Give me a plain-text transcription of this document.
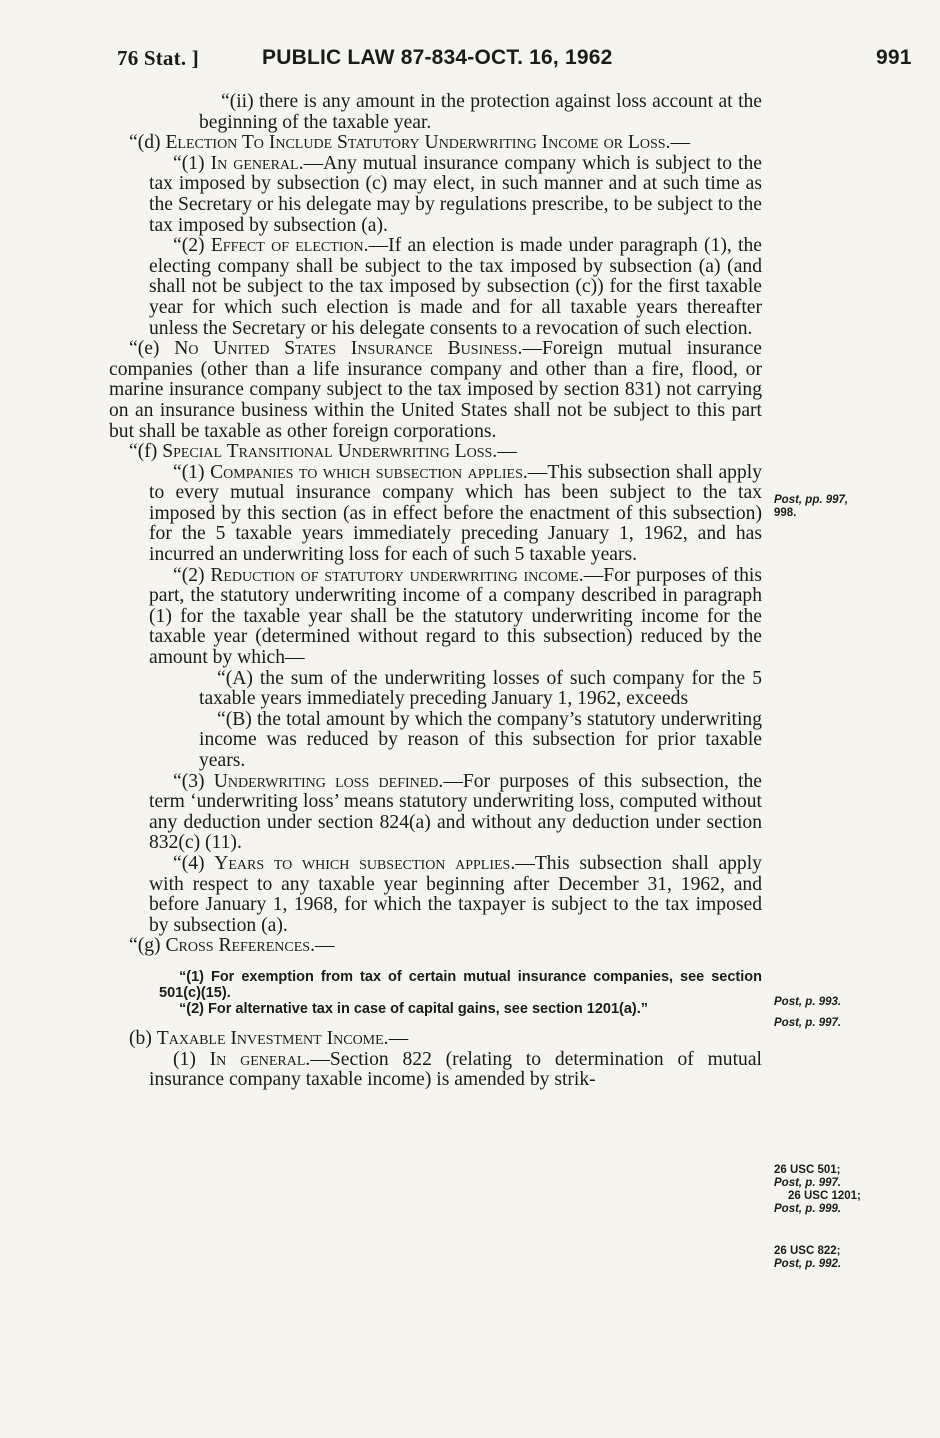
76 Stat. ]	PUBLIC LAW 87-834-OCT. 16, 1962	991

“(ii) there is any amount in the protection against loss account at the beginning of the taxable year.

“(d) Election To Include Statutory Underwriting Income or Loss.—

“(1) In general.—Any mutual insurance company which is subject to the tax imposed by subsection (c) may elect, in such manner and at such time as the Secretary or his delegate may by regulations prescribe, to be subject to the tax imposed by subsection (a).

“(2) Effect of election.—If an election is made under paragraph (1), the electing company shall be subject to the tax imposed by subsection (a) (and shall not be subject to the tax imposed by subsection (c)) for the first taxable year for which such election is made and for all taxable years thereafter unless the Secretary or his delegate consents to a revocation of such election.

“(e) No United States Insurance Business.—Foreign mutual insurance companies (other than a life insurance company and other than a fire, flood, or marine insurance company subject to the tax imposed by section 831) not carrying on an insurance business within the United States shall not be subject to this part but shall be taxable as other foreign corporations.

“(f) Special Transitional Underwriting Loss.—

“(1) Companies to which subsection applies.—This subsection shall apply to every mutual insurance company which has been subject to the tax imposed by this section (as in effect before the enactment of this subsection) for the 5 taxable years immediately preceding January 1, 1962, and has incurred an underwriting loss for each of such 5 taxable years.

“(2) Reduction of statutory underwriting income.—For purposes of this part, the statutory underwriting income of a company described in paragraph (1) for the taxable year shall be the statutory underwriting income for the taxable year (determined without regard to this subsection) reduced by the amount by which—

“(A) the sum of the underwriting losses of such company for the 5 taxable years immediately preceding January 1, 1962, exceeds

“(B) the total amount by which the company’s statutory underwriting income was reduced by reason of this subsection for prior taxable years.

“(3) Underwriting loss defined.—For purposes of this subsection, the term ‘underwriting loss’ means statutory underwriting loss, computed without any deduction under section 824(a) and without any deduction under section 832(c) (11).

“(4) Years to which subsection applies.—This subsection shall apply with respect to any taxable year beginning after December 31, 1962, and before January 1, 1968, for which the taxpayer is subject to the tax imposed by subsection (a).

“(g) Cross References.—

“(1) For exemption from tax of certain mutual insurance companies, see section 501(c)(15).

“(2) For alternative tax in case of capital gains, see section 1201(a).”

(b) Taxable Investment Income.—

(1) In general.—Section 822 (relating to determination of mutual insurance company taxable income) is amended by strik-

Post, pp. 997,
998.
Post, p. 993.
Post, p. 997.
26 USC 501;
Post, p. 997.
26 USC 1201;
Post, p. 999.
26 USC 822;
Post, p. 992.
